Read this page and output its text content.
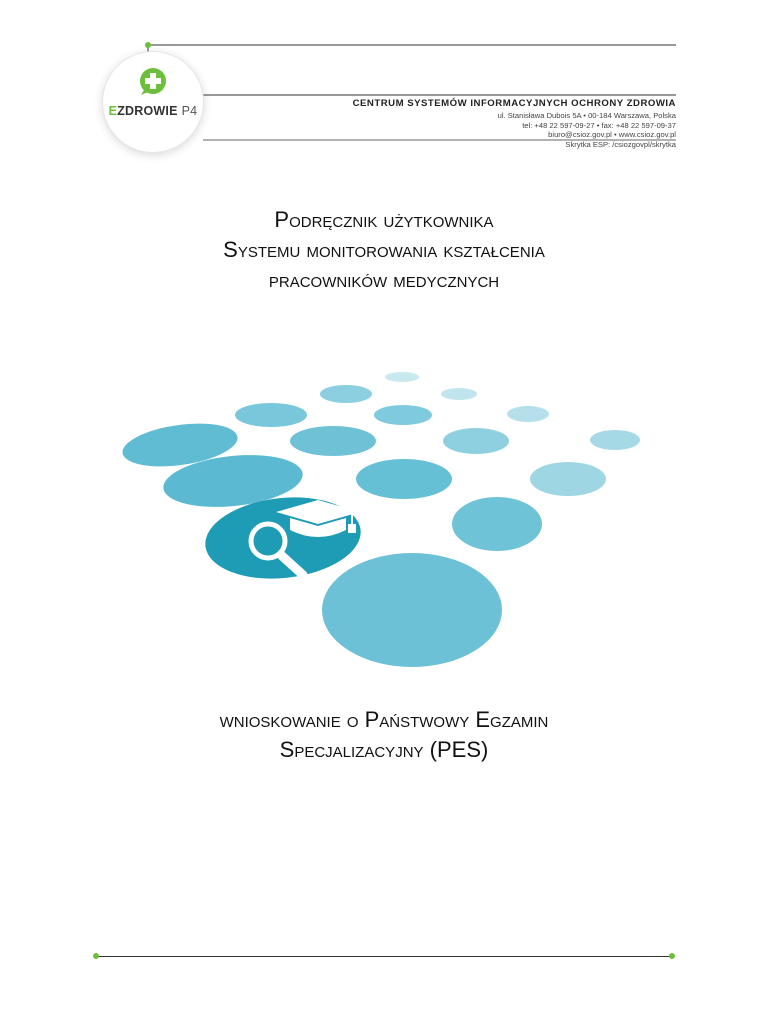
EZDROWIE P4
CENTRUM SYSTEMÓW INFORMACYJNYCH OCHRONY ZDROWIA
ul. Stanisława Dubois 5A • 00-184 Warszawa, Polska
tel: +48 22 597-09-27 • fax: +48 22 597-09-37
biuro@csioz.gov.pl • www.csioz.gov.pl
Skrytka ESP: /csiozgovpl/skrytka
Podręcznik użytkownika
Systemu monitorowania kształcenia
pracowników medycznych
wnioskowanie o Państwowy Egzamin
Specjalizacyjny (PES)
